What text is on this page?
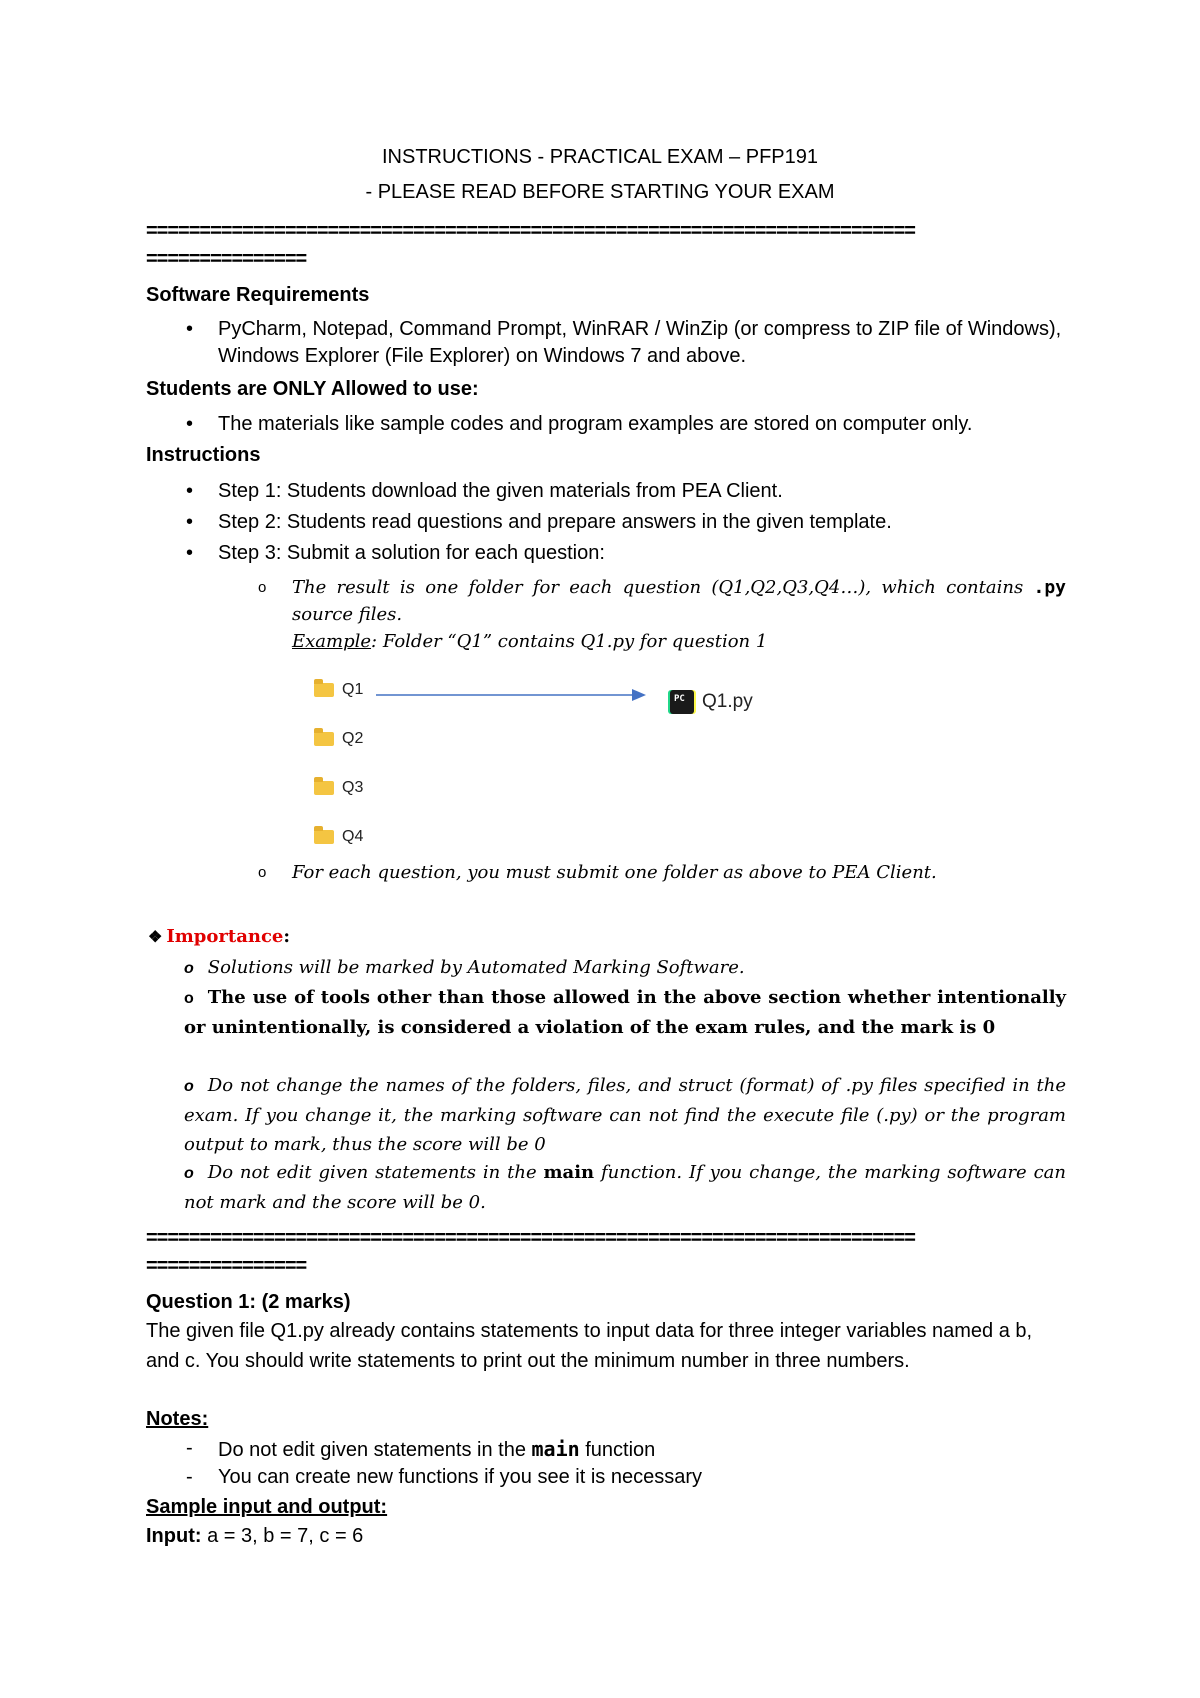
INSTRUCTIONS - PRACTICAL EXAM – PFP191
- PLEASE READ BEFORE STARTING YOUR EXAM
========================================================================
===============
Software Requirements
• PyCharm, Notepad, Command Prompt, WinRAR / WinZip (or compress to ZIP file of Windows), Windows Explorer (File Explorer) on Windows 7 and above.
Students are ONLY Allowed to use:
• The materials like sample codes and program examples are stored on computer only.
Instructions
• Step 1: Students download the given materials from PEA Client.
• Step 2: Students read questions and prepare answers in the given template.
• Step 3: Submit a solution for each question:
o The result is one folder for each question (Q1,Q2,Q3,Q4…), which contains .py source files.
Example: Folder “Q1” contains Q1.py for question 1
Q1
Q2
Q3
Q4
PC Q1.py
o For each question, you must submit one folder as above to PEA Client.
❖ Importance:
o Solutions will be marked by Automated Marking Software.
o The use of tools other than those allowed in the above section whether intentionally or unintentionally, is considered a violation of the exam rules, and the mark is 0
o Do not change the names of the folders, files, and struct (format) of .py files specified in the exam. If you change it, the marking software can not find the execute file (.py) or the program output to mark, thus the score will be 0
o Do not edit given statements in the main function. If you change, the marking software can not mark and the score will be 0.
========================================================================
===============
Question 1: (2 marks)
The given file Q1.py already contains statements to input data for three integer variables named a b, and c. You should write statements to print out the minimum number in three numbers.
Notes:
- Do not edit given statements in the main function
- You can create new functions if you see it is necessary
Sample input and output:
Input: a = 3, b = 7, c = 6
